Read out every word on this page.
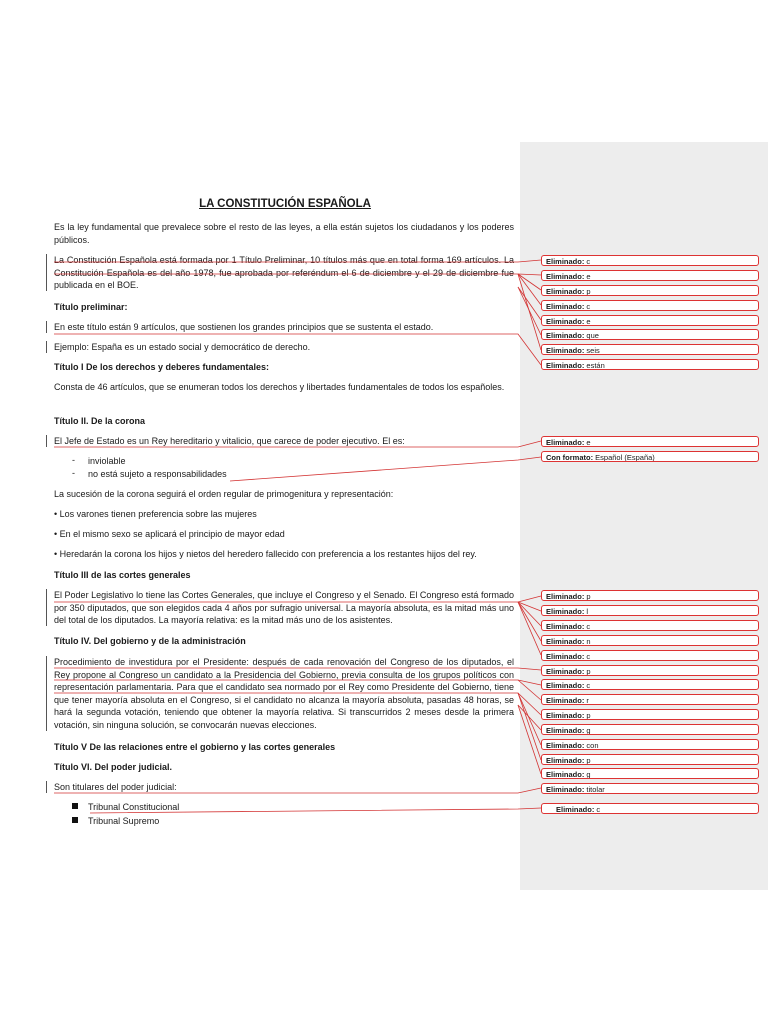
LA CONSTITUCIÓN ESPAÑOLA
Es la ley fundamental que prevalece sobre el resto de las leyes, a ella están sujetos los ciudadanos y los poderes públicos.
La Constitución Española está formada por 1 Título Preliminar, 10 títulos más que en total forma 169 artículos. La Constitución Española es del año 1978, fue aprobada por referéndum el 6 de diciembre y el 29 de diciembre fue publicada en el BOE.
Título preliminar:
En este título están 9 artículos, que sostienen los grandes principios que se sustenta el estado.
Ejemplo: España es un estado social y democrático de derecho.
Título I De los derechos y deberes fundamentales:
Consta de 46 artículos, que se enumeran todos los derechos y libertades fundamentales de todos los españoles.
Título II. De la corona
El Jefe de Estado es un Rey hereditario y vitalicio, que carece de poder ejecutivo. El es:
- inviolable
- no está sujeto a responsabilidades
La sucesión de la corona seguirá el orden regular de primogenitura y representación:
• Los varones tienen preferencia sobre las mujeres
• En el mismo sexo se aplicará el principio de mayor edad
• Heredarán la corona los hijos y nietos del heredero fallecido con preferencia a los restantes hijos del rey.
Título III de las cortes generales
El Poder Legislativo lo tiene las Cortes Generales, que incluye el Congreso y el Senado. El Congreso está formado por 350 diputados, que son elegidos cada 4 años por sufragio universal. La mayoría absoluta, es la mitad más uno del total de los diputados. La mayoría relativa: es la mitad más uno de los asistentes.
Título IV. Del gobierno y de la administración
Procedimiento de investidura por el Presidente: después de cada renovación del Congreso de los diputados, el Rey propone al Congreso un candidato a la Presidencia del Gobierno, previa consulta de los grupos políticos con representación parlamentaria. Para que el candidato sea normado por el Rey como Presidente del Gobierno, tiene que tener mayoría absoluta en el Congreso, si el candidato no alcanza la mayoría absoluta, pasadas 48 horas, se hará la segunda votación, teniendo que obtener la mayoría relativa. Si transcurridos 2 meses desde la primera votación, sin ninguna solución, se convocarán nuevas elecciones.
Título V De las relaciones entre el gobierno y las cortes generales
Título VI. Del poder judicial.
Son titulares del poder judicial:
Tribunal Constitucional
Tribunal Supremo
Eliminado: c
Eliminado: e
Eliminado: p
Eliminado: c
Eliminado: e
Eliminado: que
Eliminado: seis
Eliminado: están
Eliminado: e
Con formato: Español (España)
Eliminado: p
Eliminado: l
Eliminado: c
Eliminado: n
Eliminado: c
Eliminado: p
Eliminado: c
Eliminado: r
Eliminado: p
Eliminado: g
Eliminado: con
Eliminado: p
Eliminado: g
Eliminado: titolar
Eliminado: c
